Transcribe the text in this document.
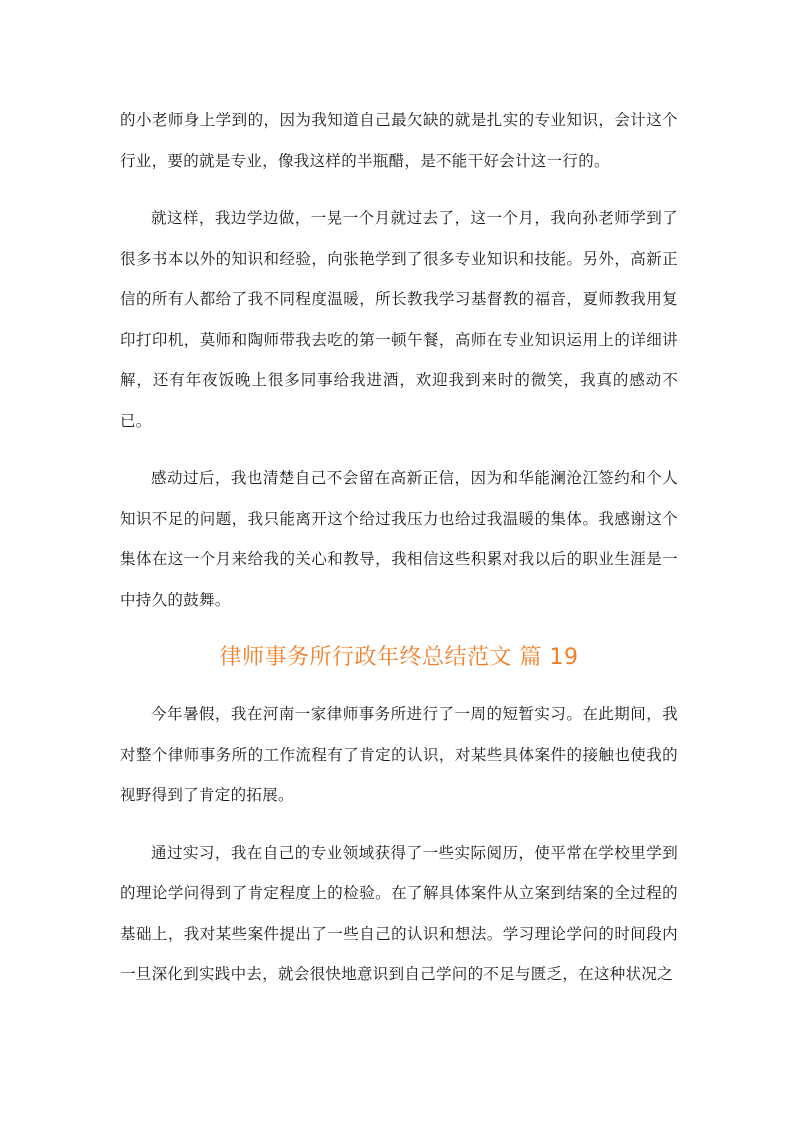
的小老师身上学到的，因为我知道自己最欠缺的就是扎实的专业知识，会计这个行业，要的就是专业，像我这样的半瓶醋，是不能干好会计这一行的。

就这样，我边学边做，一晃一个月就过去了，这一个月，我向孙老师学到了很多书本以外的知识和经验，向张艳学到了很多专业知识和技能。另外，高新正信的所有人都给了我不同程度温暖，所长教我学习基督教的福音，夏师教我用复印打印机，莫师和陶师带我去吃的第一顿午餐，高师在专业知识运用上的详细讲解，还有年夜饭晚上很多同事给我进酒，欢迎我到来时的微笑，我真的感动不已。

感动过后，我也清楚自己不会留在高新正信，因为和华能澜沧江签约和个人知识不足的问题，我只能离开这个给过我压力也给过我温暖的集体。我感谢这个集体在这一个月来给我的关心和教导，我相信这些积累对我以后的职业生涯是一中持久的鼓舞。

律师事务所行政年终总结范文 篇 19

今年暑假，我在河南一家律师事务所进行了一周的短暂实习。在此期间，我对整个律师事务所的工作流程有了肯定的认识，对某些具体案件的接触也使我的视野得到了肯定的拓展。

通过实习，我在自己的专业领域获得了一些实际阅历，使平常在学校里学到的理论学问得到了肯定程度上的检验。在了解具体案件从立案到结案的全过程的基础上，我对某些案件提出了一些自己的认识和想法。学习理论学问的时间段内一旦深化到实践中去，就会很快地意识到自己学问的不足与匮乏，在这种状况之
